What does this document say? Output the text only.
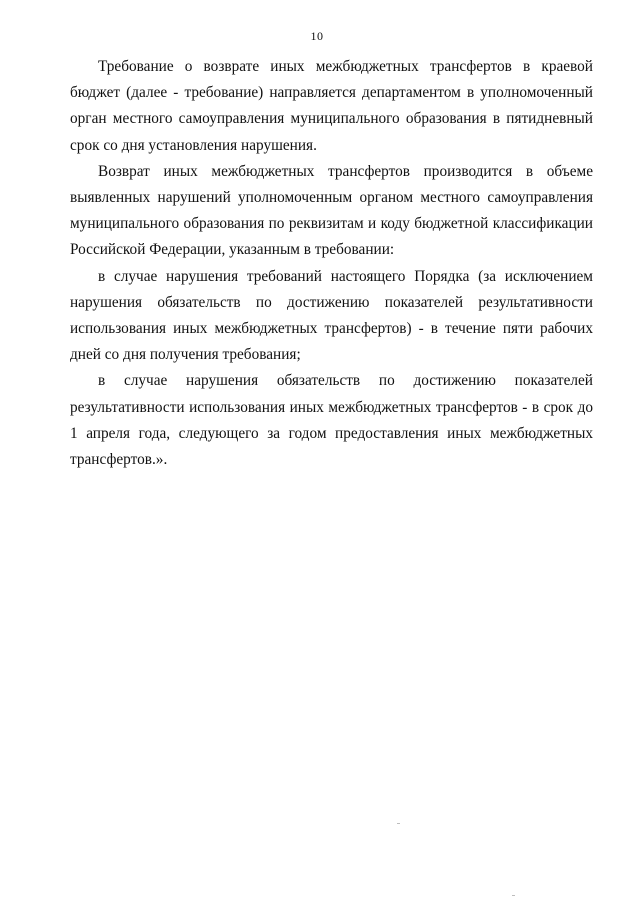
10

Требование о возврате иных межбюджетных трансфертов в краевой бюджет (далее - требование) направляется департаментом в уполномоченный орган местного самоуправления муниципального образования в пятидневный срок со дня установления нарушения.

Возврат иных межбюджетных трансфертов производится в объеме выявленных нарушений уполномоченным органом местного самоуправления муниципального образования по реквизитам и коду бюджетной классификации Российской Федерации, указанным в требовании:

в случае нарушения требований настоящего Порядка (за исключением нарушения обязательств по достижению показателей результативности использования иных межбюджетных трансфертов) - в течение пяти рабочих дней со дня получения требования;

в случае нарушения обязательств по достижению показателей результативности использования иных межбюджетных трансфертов - в срок до 1 апреля года, следующего за годом предоставления иных межбюджетных трансфертов.».
